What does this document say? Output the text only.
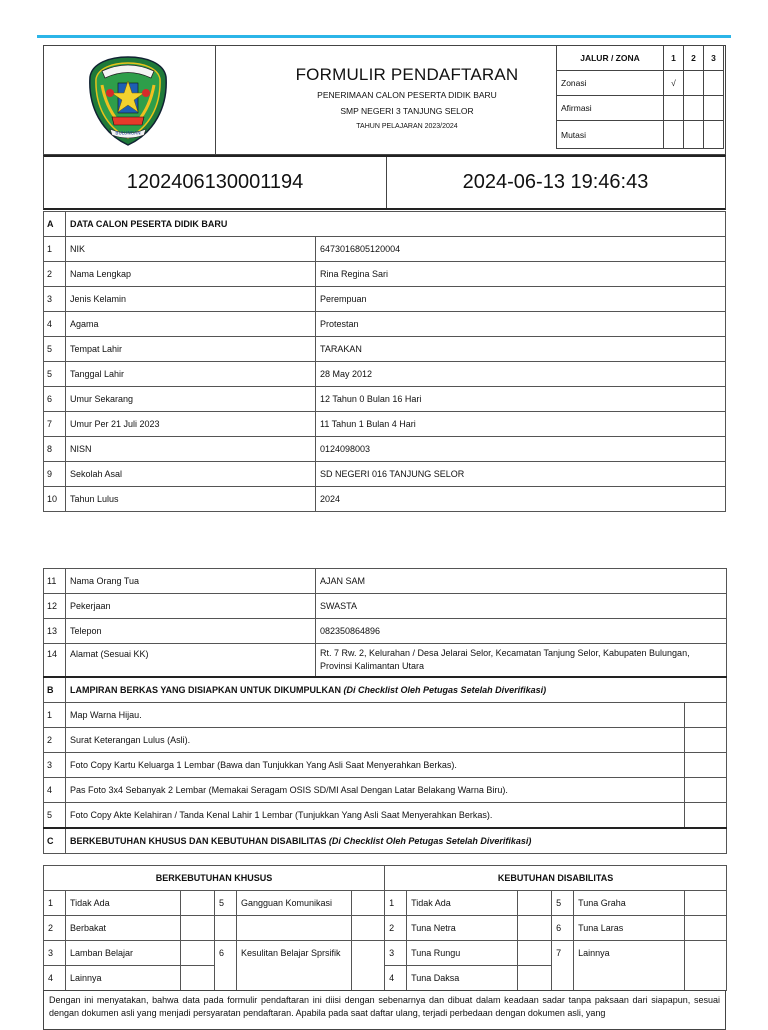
BULUNGAN
FORMULIR PENDAFTARAN
PENERIMAAN CALON PESERTA DIDIK BARU
SMP NEGERI 3 TANJUNG SELOR
TAHUN PELAJARAN 2023/2024
JALUR / ZONA	1	2	3
Zonasi	√		
Afirmasi			
Mutasi			
1202406130001194	2024-06-13 19:46:43
A	DATA CALON PESERTA DIDIK BARU	
1	NIK	6473016805120004
2	Nama Lengkap	Rina Regina Sari
3	Jenis Kelamin	Perempuan
4	Agama	Protestan
5	Tempat Lahir	TARAKAN
5	Tanggal Lahir	28 May 2012
6	Umur Sekarang	12 Tahun 0 Bulan 16 Hari
7	Umur Per 21 Juli 2023	11 Tahun 1 Bulan 4 Hari
8	NISN	0124098003
9	Sekolah Asal	SD NEGERI 016 TANJUNG SELOR
10	Tahun Lulus	2024
11	Nama Orang Tua	AJAN SAM	
12	Pekerjaan	SWASTA	
13	Telepon	082350864896	
14	Alamat (Sesuai KK)	Rt. 7 Rw. 2, Kelurahan / Desa Jelarai Selor, Kecamatan Tanjung Selor, Kabupaten Bulungan, Provinsi Kalimantan Utara	
B	LAMPIRAN BERKAS YANG DISIAPKAN UNTUK DIKUMPULKAN (Di Checklist Oleh Petugas Setelah Diverifikasi)		
1	Map Warna Hijau.		
2	Surat Keterangan Lulus (Asli).		
3	Foto Copy Kartu Keluarga 1 Lembar (Bawa dan Tunjukkan Yang Asli Saat Menyerahkan Berkas).		
4	Pas Foto 3x4 Sebanyak 2 Lembar (Memakai Seragam OSIS SD/MI Asal Dengan Latar Belakang Warna Biru).		
5	Foto Copy Akte Kelahiran / Tanda Kenal Lahir 1 Lembar (Tunjukkan Yang Asli Saat Menyerahkan Berkas).		
C	BERKEBUTUHAN KHUSUS DAN KEBUTUHAN DISABILITAS (Di Checklist Oleh Petugas Setelah Diverifikasi)		
BERKEBUTUHAN KHUSUS						KEBUTUHAN DISABILITAS					
1	Tidak Ada		5	Gangguan Komunikasi		1	Tidak Ada		5	Tuna Graha	
2	Berbakat					2	Tuna Netra		6	Tuna Laras	
3	Lamban Belajar		6	Kesulitan Belajar Sprsifik		3	Tuna Rungu		7	Lainnya	
4	Lainnya					4	Tuna Daksa				
Dengan ini menyatakan, bahwa data pada formulir pendaftaran ini diisi dengan sebenarnya dan dibuat dalam keadaan sadar tanpa paksaan dari siapapun, sesuai dengan dokumen asli yang menjadi persyaratan pendaftaran. Apabila pada saat daftar ulang, terjadi perbedaan dengan dokumen asli, yang
